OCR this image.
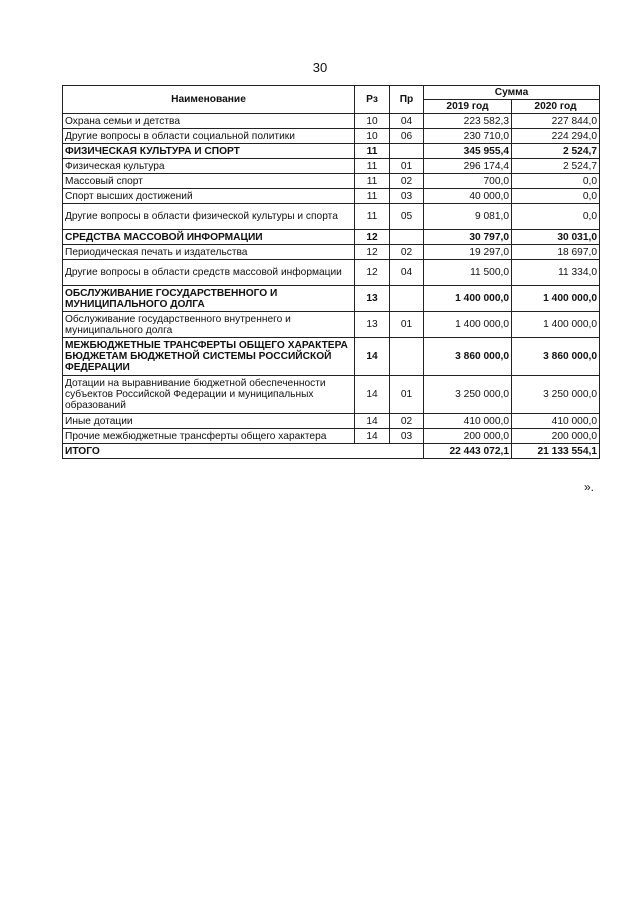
30
Наименование	Рз	Пр	Сумма	
			2019 год	2020 год
Охрана семьи и детства	10	04	223 582,3	227 844,0
Другие вопросы в области социальной политики	10	06	230 710,0	224 294,0
ФИЗИЧЕСКАЯ КУЛЬТУРА И СПОРТ	11		345 955,4	2 524,7
Физическая культура	11	01	296 174,4	2 524,7
Массовый спорт	11	02	700,0	0,0
Спорт высших достижений	11	03	40 000,0	0,0
Другие вопросы в области физической культуры и спорта	11	05	9 081,0	0,0
СРЕДСТВА МАССОВОЙ ИНФОРМАЦИИ	12		30 797,0	30 031,0
Периодическая печать и издательства	12	02	19 297,0	18 697,0
Другие вопросы в области средств массовой информации	12	04	11 500,0	11 334,0
ОБСЛУЖИВАНИЕ ГОСУДАРСТВЕННОГО И МУНИЦИПАЛЬНОГО ДОЛГА	13		1 400 000,0	1 400 000,0
Обслуживание государственного внутреннего и муниципального долга	13	01	1 400 000,0	1 400 000,0
МЕЖБЮДЖЕТНЫЕ ТРАНСФЕРТЫ ОБЩЕГО ХАРАКТЕРА БЮДЖЕТАМ БЮДЖЕТНОЙ СИСТЕМЫ РОССИЙСКОЙ ФЕДЕРАЦИИ	14		3 860 000,0	3 860 000,0
Дотации на выравнивание бюджетной обеспеченности субъектов Российской Федерации и муниципальных образований	14	01	3 250 000,0	3 250 000,0
Иные дотации	14	02	410 000,0	410 000,0
Прочие межбюджетные трансферты общего характера	14	03	200 000,0	200 000,0
ИТОГО			22 443 072,1	21 133 554,1
».
